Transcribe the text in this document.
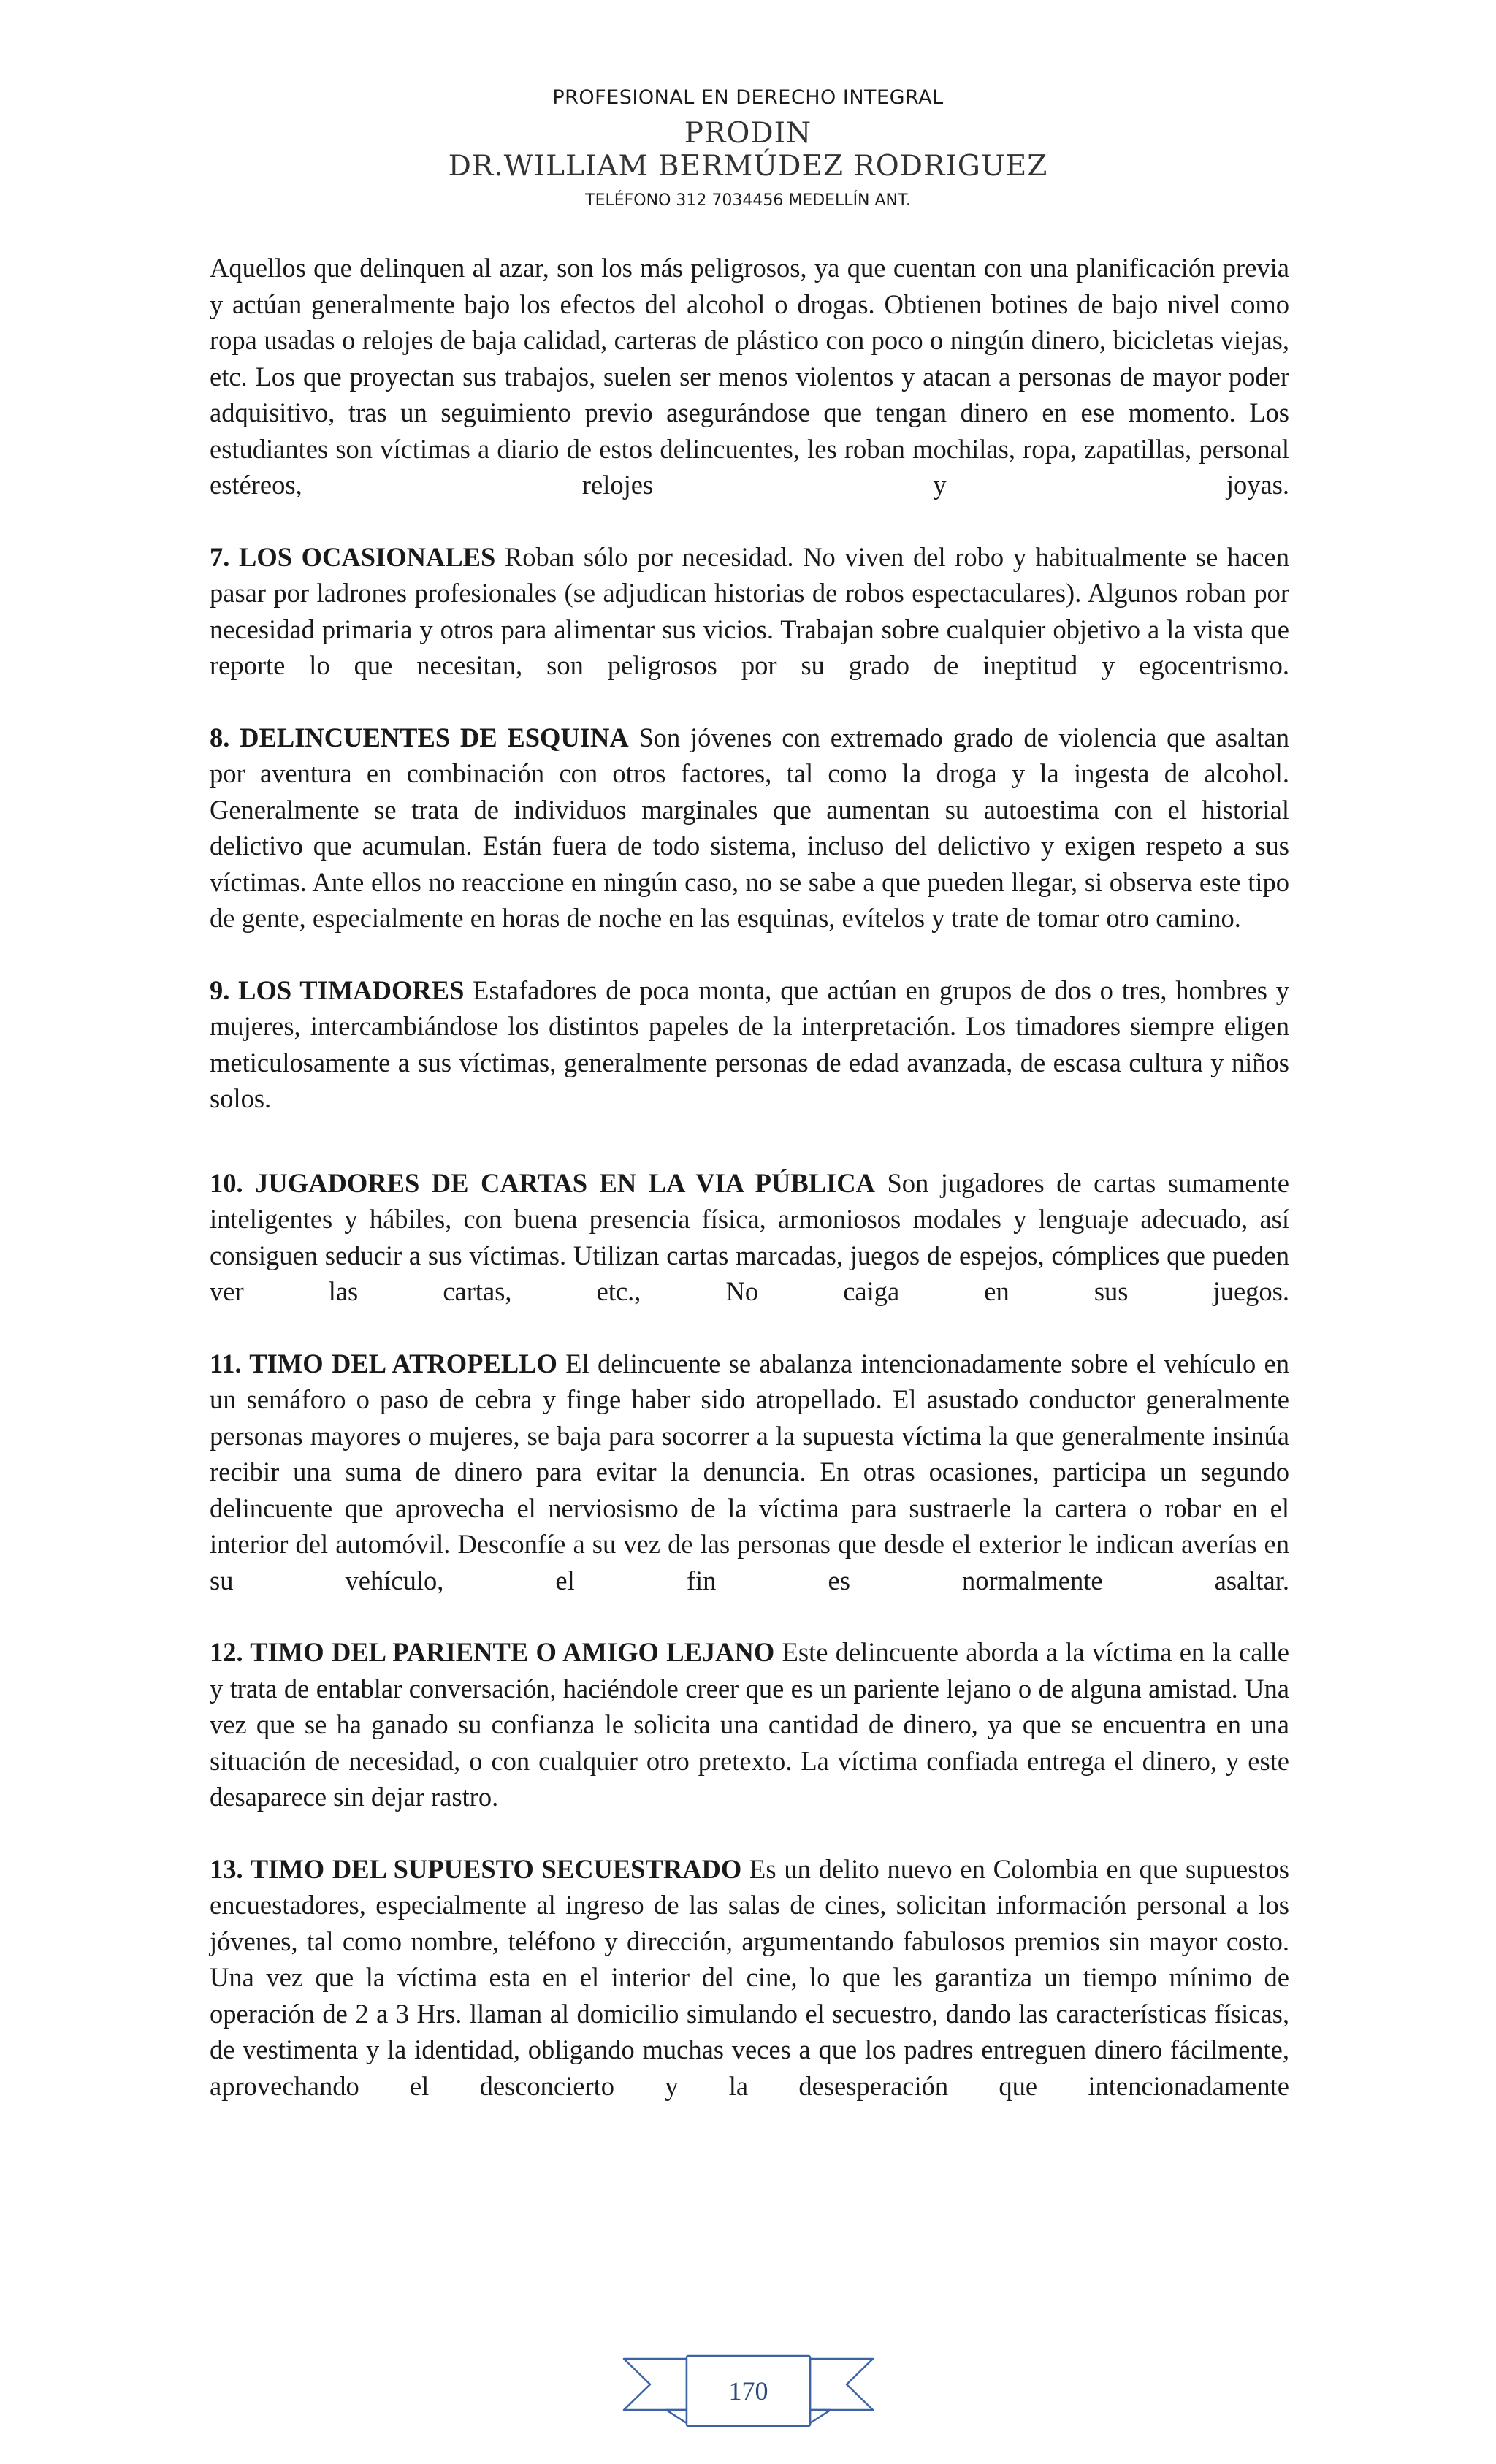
PROFESIONAL EN DERECHO INTEGRAL
PRODIN
DR.WILLIAM BERMÚDEZ RODRIGUEZ
TELÉFONO 312 7034456 MEDELLÍN ANT.

Aquellos que delinquen al azar, son los más peligrosos, ya que cuentan con una planificación previa y actúan generalmente bajo los efectos del alcohol o drogas. Obtienen botines de bajo nivel como ropa usadas o relojes de baja calidad, carteras de plástico con poco o ningún dinero, bicicletas viejas, etc. Los que proyectan sus trabajos, suelen ser menos violentos y atacan a personas de mayor poder adquisitivo, tras un seguimiento previo asegurándose que tengan dinero en ese momento. Los estudiantes son víctimas a diario de estos delincuentes, les roban mochilas, ropa, zapatillas, personal estéreos, relojes y joyas.

7. LOS OCASIONALES Roban sólo por necesidad. No viven del robo y habitualmente se hacen pasar por ladrones profesionales (se adjudican historias de robos espectaculares). Algunos roban por necesidad primaria y otros para alimentar sus vicios. Trabajan sobre cualquier objetivo a la vista que reporte lo que necesitan, son peligrosos por su grado de ineptitud y egocentrismo.

8. DELINCUENTES DE ESQUINA Son jóvenes con extremado grado de violencia que asaltan por aventura en combinación con otros factores, tal como la droga y la ingesta de alcohol. Generalmente se trata de individuos marginales que aumentan su autoestima con el historial delictivo que acumulan. Están fuera de todo sistema, incluso del delictivo y exigen respeto a sus víctimas. Ante ellos no reaccione en ningún caso, no se sabe a que pueden llegar, si observa este tipo de gente, especialmente en horas de noche en las esquinas, evítelos y trate de tomar otro camino.

9. LOS TIMADORES Estafadores de poca monta, que actúan en grupos de dos o tres, hombres y mujeres, intercambiándose los distintos papeles de la interpretación. Los timadores siempre eligen meticulosamente a sus víctimas, generalmente personas de edad avanzada, de escasa cultura y niños solos.

10. JUGADORES DE CARTAS EN LA VIA PÚBLICA Son jugadores de cartas sumamente inteligentes y hábiles, con buena presencia física, armoniosos modales y lenguaje adecuado, así consiguen seducir a sus víctimas. Utilizan cartas marcadas, juegos de espejos, cómplices que pueden ver las cartas, etc., No caiga en sus juegos.

11. TIMO DEL ATROPELLO El delincuente se abalanza intencionadamente sobre el vehículo en un semáforo o paso de cebra y finge haber sido atropellado. El asustado conductor generalmente personas mayores o mujeres, se baja para socorrer a la supuesta víctima la que generalmente insinúa recibir una suma de dinero para evitar la denuncia. En otras ocasiones, participa un segundo delincuente que aprovecha el nerviosismo de la víctima para sustraerle la cartera o robar en el interior del automóvil. Desconfíe a su vez de las personas que desde el exterior le indican averías en su vehículo, el fin es normalmente asaltar.

12. TIMO DEL PARIENTE O AMIGO LEJANO Este delincuente aborda a la víctima en la calle y trata de entablar conversación, haciéndole creer que es un pariente lejano o de alguna amistad. Una vez que se ha ganado su confianza le solicita una cantidad de dinero, ya que se encuentra en una situación de necesidad, o con cualquier otro pretexto. La víctima confiada entrega el dinero, y este desaparece sin dejar rastro.

13. TIMO DEL SUPUESTO SECUESTRADO Es un delito nuevo en Colombia en que supuestos encuestadores, especialmente al ingreso de las salas de cines, solicitan información personal a los jóvenes, tal como nombre, teléfono y dirección, argumentando fabulosos premios sin mayor costo. Una vez que la víctima esta en el interior del cine, lo que les garantiza un tiempo mínimo de operación de 2 a 3 Hrs. llaman al domicilio simulando el secuestro, dando las características físicas, de vestimenta y la identidad, obligando muchas veces a que los padres entreguen dinero fácilmente, aprovechando el desconcierto y la desesperación que intencionadamente

170
